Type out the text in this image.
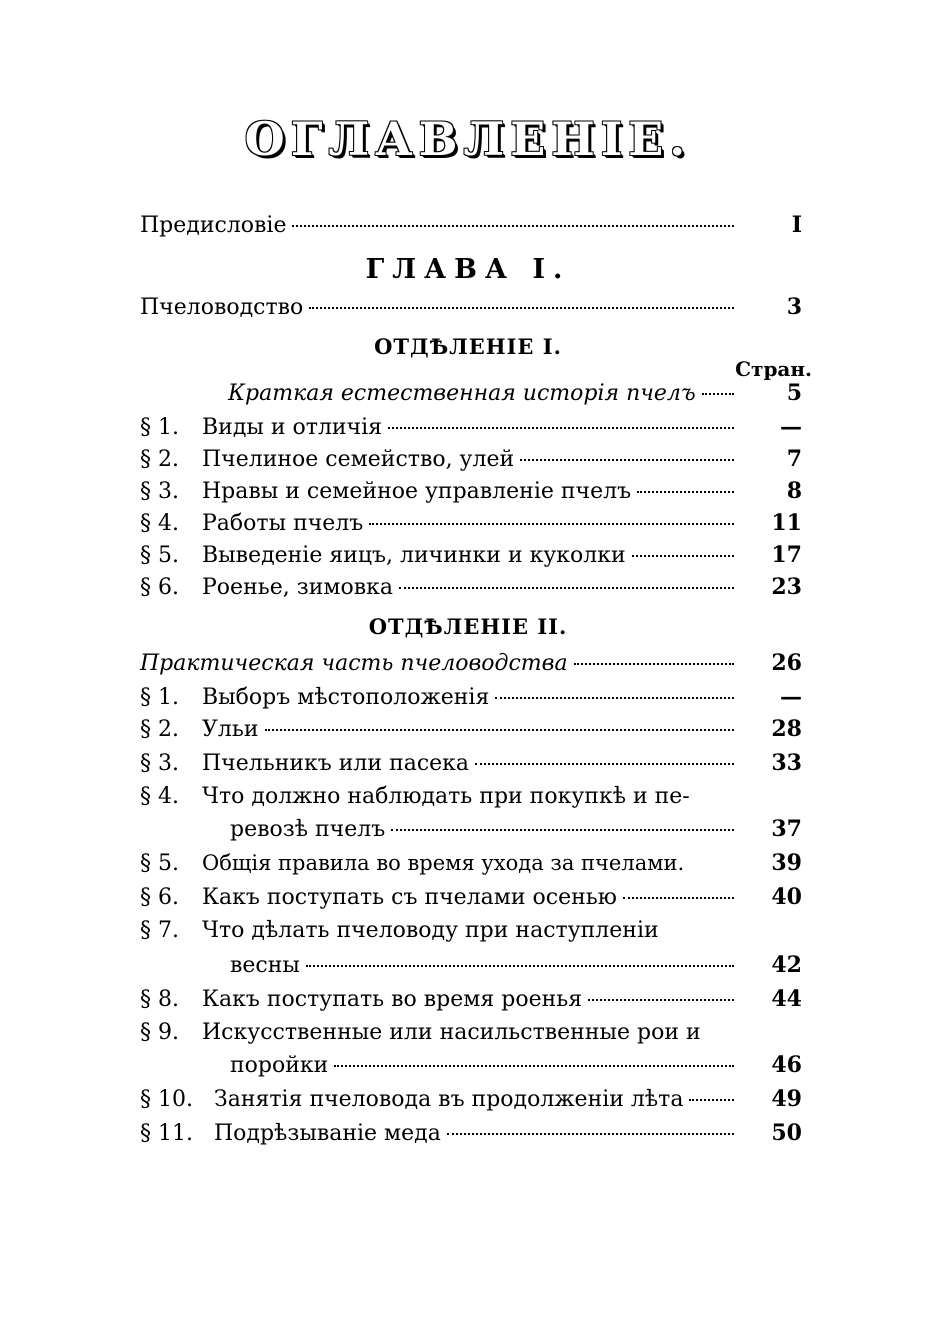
ОГЛАВЛЕНІЕ.
Предисловіе	I
ГЛАВА I.
Пчеловодство	3
ОТДѢЛЕНІЕ I.
Стран.
Краткая естественная исторія пчелъ	5
§ 1.	Виды и отличія	—
§ 2.	Пчелиное семейство, улей	7
§ 3.	Нравы и семейное управленіе пчелъ	8
§ 4.	Работы пчелъ	11
§ 5.	Выведеніе яицъ, личинки и куколки	17
§ 6.	Роенье, зимовка	23
ОТДѢЛЕНІЕ II.
Практическая часть пчеловодства	26
§ 1.	Выборъ мѣстоположенія	—
§ 2.	Ульи	28
§ 3.	Пчельникъ или пасека	33
§ 4.	Что должно наблюдать при покупкѣ и пе-
ревозѣ пчелъ	37
§ 5.	Общія правила во время ухода за пчелами.	39
§ 6.	Какъ поступать съ пчелами осенью	40
§ 7.	Что дѣлать пчеловоду при наступленіи
весны	42
§ 8.	Какъ поступать во время роенья	44
§ 9.	Искусственные или насильственные рои и
поройки	46
§ 10. Занятія пчеловода въ продолженіи лѣта	49
§ 11. Подрѣзываніе меда	50
